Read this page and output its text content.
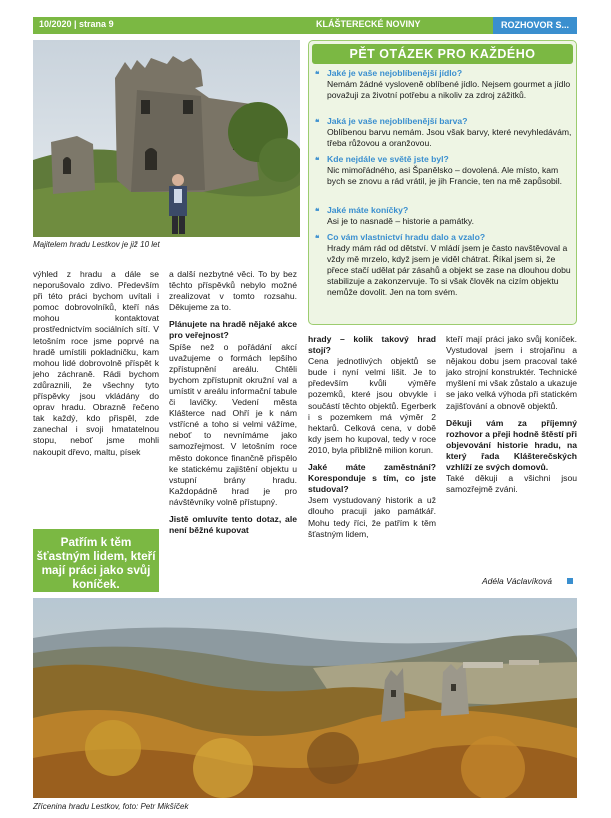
10/2020 | strana 9	KLÁŠTERECKÉ NOVINY	ROZHOVOR S...
Majitelem hradu Lestkov je již 10 let
PĚT OTÁZEK PRO KAŽDÉHO
❝ Jaké je vaše nejoblíbenější jídlo?
Nemám žádné vysloveně oblíbené jídlo. Nejsem gourmet a jídlo považuji za životní potřebu a nikoliv za zdroj zážitků.
❝ Jaká je vaše nejoblíbenější barva?
Oblíbenou barvu nemám. Jsou však barvy, které nevyhledávám, třeba růžovou a oranžovou.
❝ Kde nejdále ve světě jste byl?
Nic mimořádného, asi Španělsko – dovolená. Ale místo, kam bych se znovu a rád vrátil, je jih Francie, ten na mě zapůsobil.
❝ Jaké máte koníčky?
Asi je to nasnadě – historie a památky.
❝ Co vám vlastnictví hradu dalo a vzalo?
Hrady mám rád od dětství. V mládí jsem je často navštěvoval a vždy mě mrzelo, když jsem je viděl chátrat. Říkal jsem si, že přece stačí udělat pár zásahů a objekt se zase na dlouhou dobu stabilizuje a zakonzervuje. To si však člověk na cizím objektu nemůže dovolit. Jen na tom svém.

výhled z hradu a dále se neporušovalo zdivo. Především při této práci bychom uvítali i pomoc dobrovolníků, kteří nás mohou kontaktovat prostřednictvím sociálních sítí. V letošním roce jsme poprvé na hradě umístili pokladničku, kam mohou lidé dobrovolně příspět k jeho záchraně. Rádi bychom zdůraznili, že všechny tyto příspěvky jsou vkládány do oprav hradu. Obrazně řečeno tak každý, kdo přispěl, zde zanechal i svoji hmatatelnou stopu, neboť jsme mohli nakoupit dřevo, maltu, písek

Patřím k těm šťastným lidem, kteří mají práci jako svůj koníček.

a další nezbytné věci. To by bez těchto příspěvků nebylo možné zrealizovat v tomto rozsahu. Děkujeme za to.

Plánujete na hradě nějaké akce pro veřejnost?

Spíše než o pořádání akcí uvažujeme o formách lepšího zpřístupnění areálu. Chtěli bychom zpřístupnit okružní val a umístit v areálu informační tabule či lavičky. Vedení města Klášterce nad Ohří je k nám vstřícné a toho si velmi vážíme, neboť to nevnímáme jako samozřejmost. V letošním roce město dokonce finančně přispělo ke statickému zajištění objektu u vstupní brány hradu. Každopádně hrad je pro návštěvníky volně přístupný.

Jistě omluvíte tento dotaz, ale není běžné kupovat

hrady – kolik takový hrad stojí?

Cena jednotlivých objektů se bude i nyní velmi lišit. Je to především kvůli výměře pozemků, které jsou obvykle i součástí těchto objektů. Egerberk i s pozemkem má výměr 2 hektarů. Celková cena, v době kdy jsem ho kupoval, tedy v roce 2010, byla přibližně milion korun.

Jaké máte zaměstnání? Korespondujе s tím, co jste studoval?

Jsem vystudovaný historik a už dlouho pracuji jako památkář. Mohu tedy říci, že patřím k těm šťastným lidem,

kteří mají práci jako svůj koníček. Vystudoval jsem i strojařinu a nějakou dobu jsem pracoval také jako strojní konstruktér. Technické myšlení mi však zůstalo a ukazuje se jako velká výhoda při statickém zajišťování a obnově objektů.

Děkuji vám za příjemný rozhovor a přeji hodně štěstí při objevování historie hradu, na který řada Klášterečských vzhlíží ze svých domovů.

Také děkuji a všichni jsou samozřejmě zváni.

Adéla Václavíková
Zřícenina hradu Lestkov, foto: Petr Mikšíček
